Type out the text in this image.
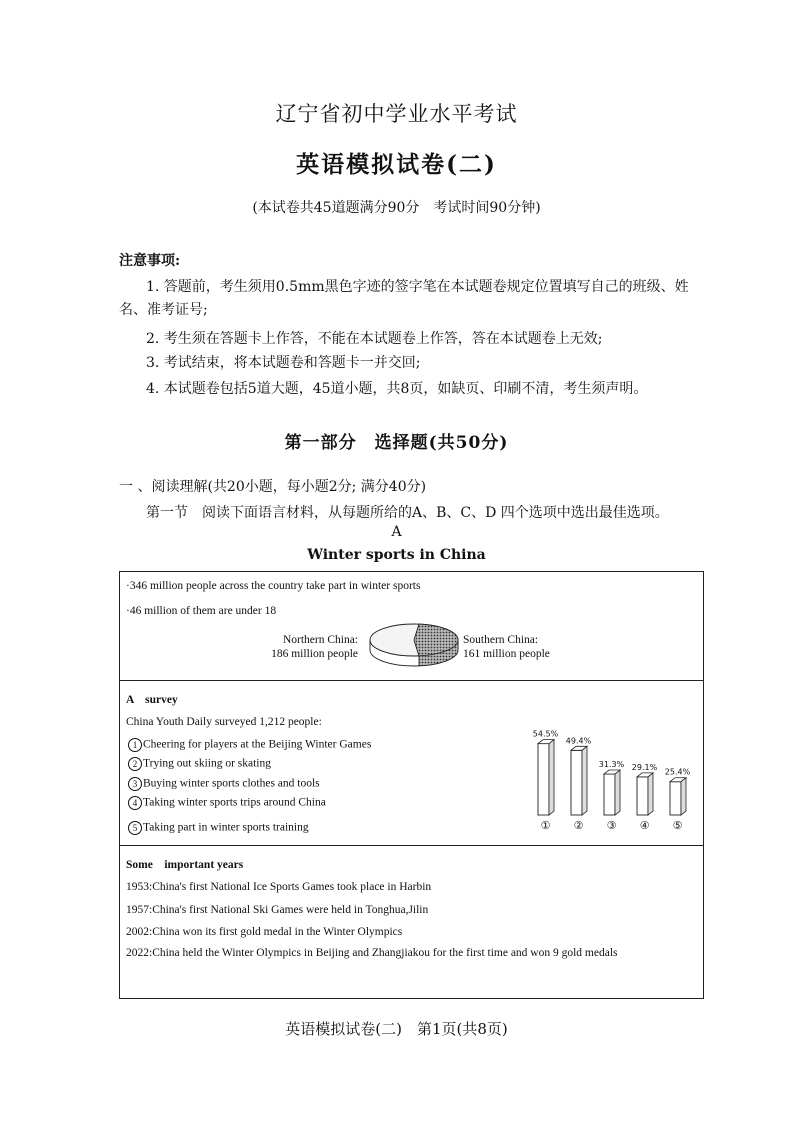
辽宁省初中学业水平考试
英语模拟试卷(二)
(本试卷共45道题满分90分　考试时间90分钟)
注意事项:
1. 答题前，考生须用0.5mm黑色字迹的签字笔在本试题卷规定位置填写自己的班级、姓名、准考证号;
2. 考生须在答题卡上作答，不能在本试题卷上作答，答在本试题卷上无效;
3. 考试结束，将本试题卷和答题卡一并交回;
4. 本试题卷包括5道大题，45道小题，共8页，如缺页、印刷不清，考生须声明。
第一部分　选择题(共50分)
一 、阅读理解(共20小题，每小题2分; 满分40分)
第一节　阅读下面语言材料，从每题所给的A、B、C、D 四个选项中选出最佳选项。
A
Winter sports in China
·346 million people across the country take part in winter sports
·46 million of them are under 18
Northern China:
186 million people
Southern China:
161 million people
A　survey
China Youth Daily surveyed 1,212 people:
1 Cheering for players at the Beijing Winter Games
2 Trying out skiing or skating
3 Buying winter sports clothes and tools
4 Taking winter sports trips around China
5 Taking part in winter sports training
54.5%
①
49.4%
②
31.3%
③
29.1%
④
25.4%
⑤
Some　important years
1953:China's first National Ice Sports Games took place in Harbin
1957:China's first National Ski Games were held in Tonghua,Jilin
2002:China won its first gold medal in the Winter Olympics
2022:China held the Winter Olympics in Beijing and Zhangjiakou for the first time and won 9 gold medals
英语模拟试卷(二)　第1页(共8页)
